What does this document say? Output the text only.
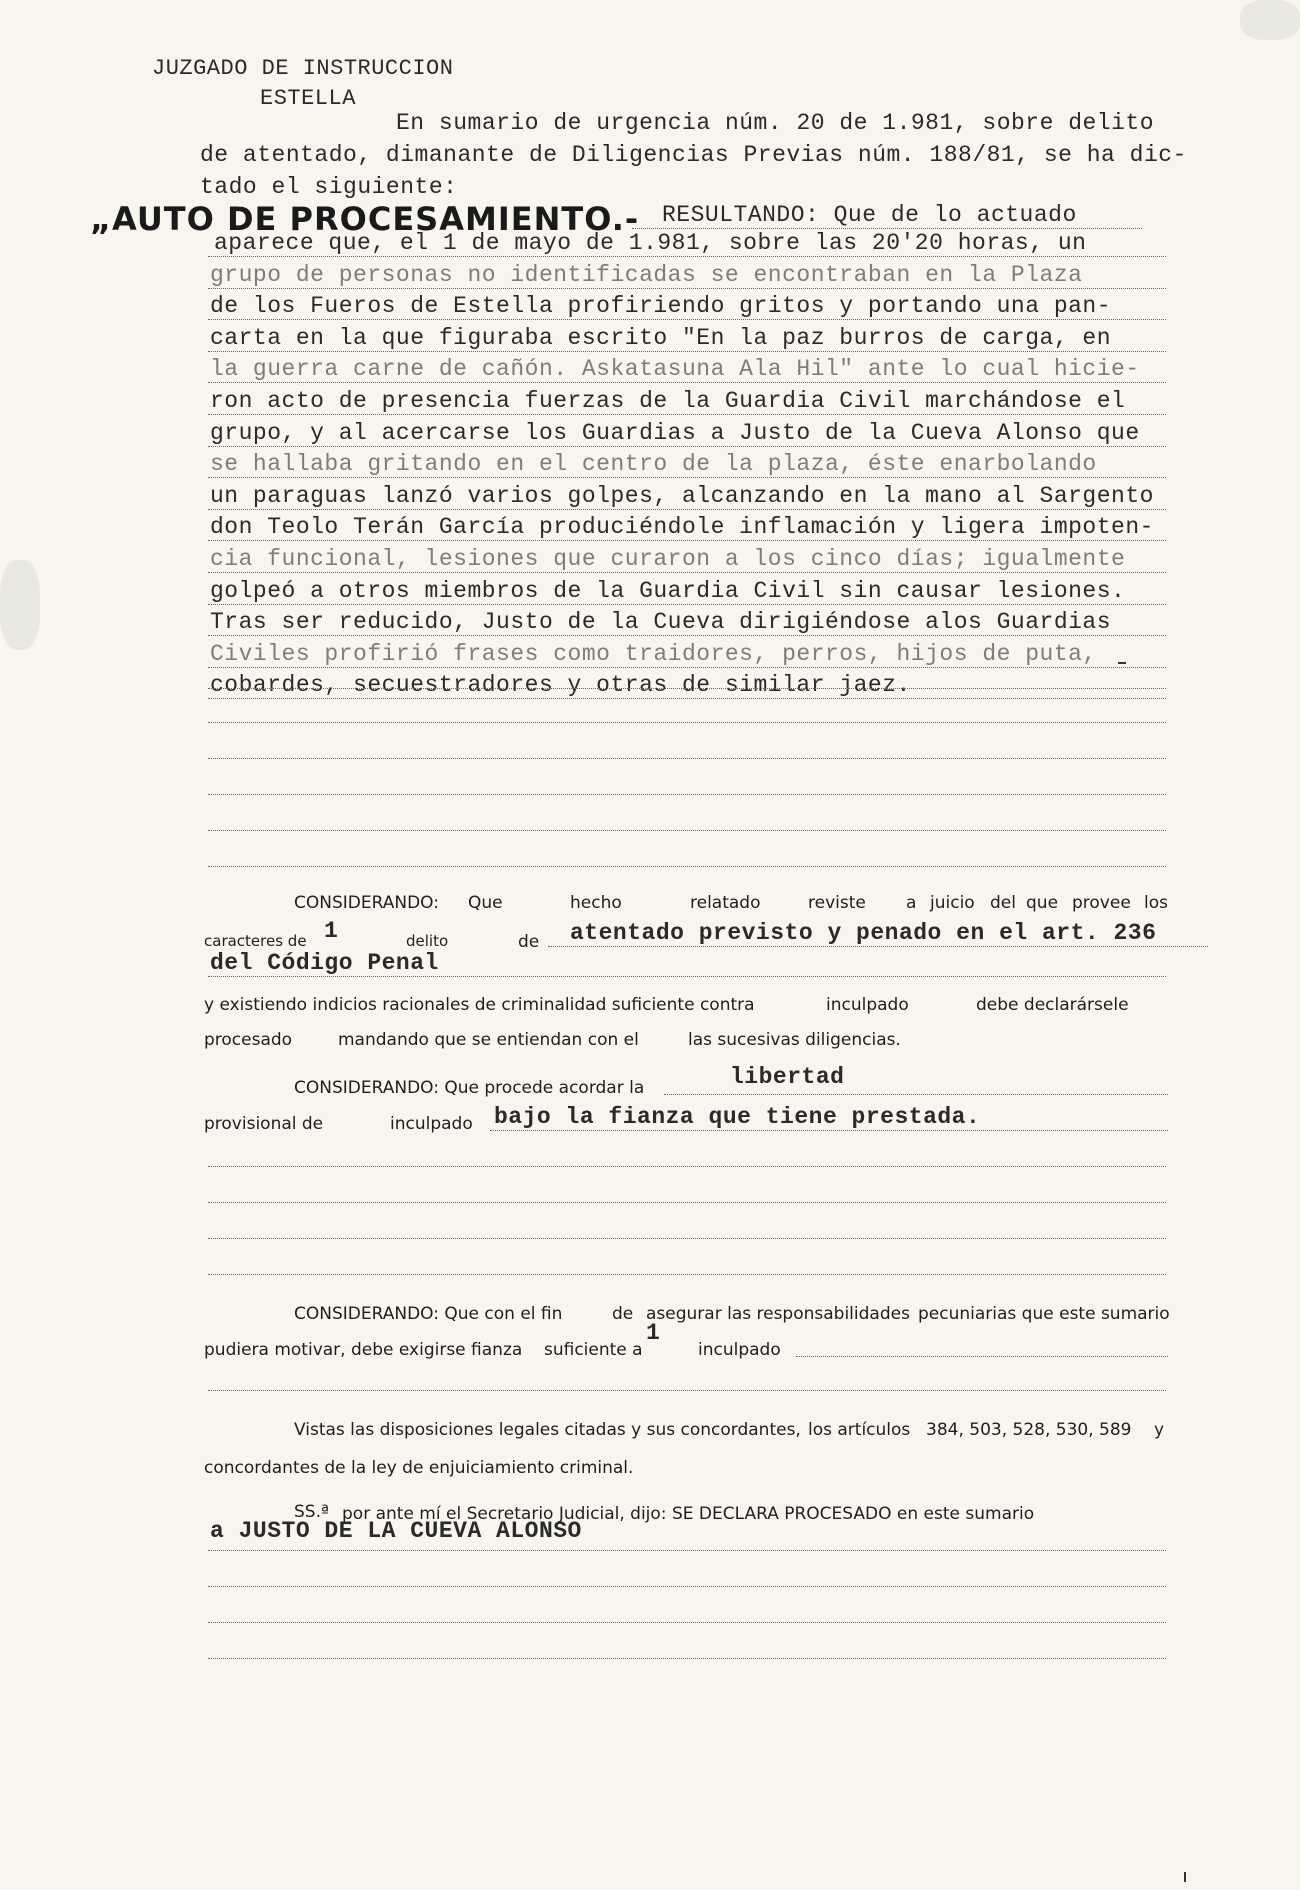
JUZGADO DE INSTRUCCION
ESTELLA
En sumario de urgencia núm. 20 de 1.981, sobre delito
de atentado, dimanante de Diligencias Previas núm. 188/81, se ha dic-
tado el siguiente:
„AUTO DE PROCESAMIENTO.- RESULTANDO: Que de lo actuado
aparece que, el 1 de mayo de 1.981, sobre las 20'20 horas, un
grupo de personas no identificadas se encontraban en la Plaza
de los Fueros de Estella profiriendo gritos y portando una pan-
carta en la que figuraba escrito "En la paz burros de carga, en
la guerra carne de cañón. Askatasuna Ala Hil" ante lo cual hicie-
ron acto de presencia fuerzas de la Guardia Civil marchándose el
grupo, y al acercarse los Guardias a Justo de la Cueva Alonso que
se hallaba gritando en el centro de la plaza, éste enarbolando
un paraguas lanzó varios golpes, alcanzando en la mano al Sargento
don Teolo Terán García produciéndole inflamación y ligera impoten-
cia funcional, lesiones que curaron a los cinco días; igualmente
golpeó a otros miembros de la Guardia Civil sin causar lesiones.
Tras ser reducido, Justo de la Cueva dirigiéndose alos Guardias
Civiles profirió frases como traidores, perros, hijos de puta,
cobardes, secuestradores y otras de similar jaez.
CONSIDERANDO: Que	hecho	relatado	reviste a juicio del que provee los
caracteres de 1	delito	de atentado previsto y penado en el art. 236
del Código Penal
y existiendo indicios racionales de criminalidad suficiente contra	inculpado	debe declarársele
procesado	mandando que se entiendan con el	las sucesivas diligencias.
CONSIDERANDO: Que procede acordar la	libertad
provisional de	inculpado bajo la fianza que tiene prestada.
CONSIDERANDO: Que con el fin	de asegurar las responsabilidades pecuniarias que este sumario
pudiera motivar, debe exigirse fianza suficiente a
1
inculpado
Vistas las disposiciones legales citadas y sus concordantes, los artículos 384, 503, 528, 530, 589 y
concordantes de la ley de enjuiciamiento criminal.
SS.ª por ante mí el Secretario Judicial, dijo: SE DECLARA PROCESADO en este sumario
a JUSTO DE LA CUEVA ALONSO
